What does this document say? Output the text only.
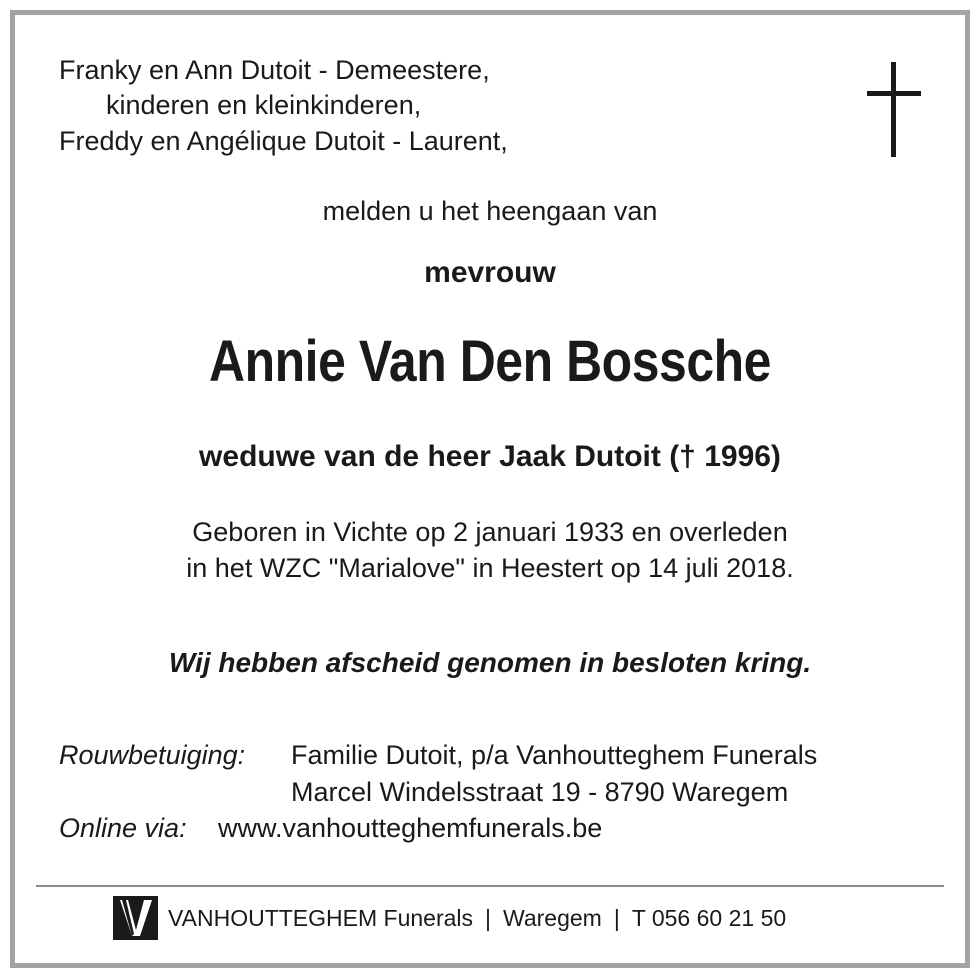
Franky en Ann Dutoit - Demeestere,
kinderen en kleinkinderen,
Freddy en Angélique Dutoit - Laurent,
melden u het heengaan van
mevrouw
Annie Van Den Bossche
weduwe van de heer Jaak Dutoit († 1996)
Geboren in Vichte op 2 januari 1933 en overleden
in het WZC "Marialove" in Heestert op 14 juli 2018.
Wij hebben afscheid genomen in besloten kring.
Rouwbetuiging: Familie Dutoit, p/a Vanhoutteghem Funerals
Marcel Windelsstraat 19 - 8790 Waregem
Online via: www.vanhoutteghemfunerals.be
VANHOUTTEGHEM Funerals | Waregem | T 056 60 21 50
